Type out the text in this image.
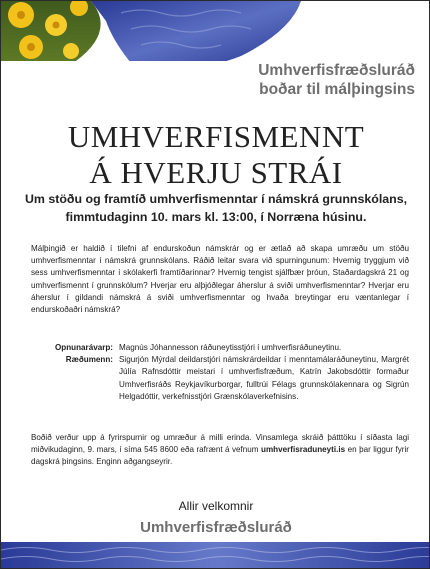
Umhverfisfræðsluráð
boðar til málþingsins
UMHVERFISMENNT
Á HVERJU STRÁI
Um stöðu og framtíð umhverfismenntar í námskrá grunnskólans,
fimmtudaginn 10. mars kl. 13:00, í Norræna húsinu.

Málþingið er haldið í tilefni af endurskoðun námskrár og er ætlað að skapa umræðu um stöðu umhverfismenntar í námskrá grunnskólans. Ráðið leitar svara við spurningunum: Hvernig tryggjum við sess umhverfismenntar í skólakerfi framtíðarinnar? Hvernig tengist sjálfbær þróun, Staðardagskrá 21 og umhverfismennt í grunnskólum? Hverjar eru alþjóðlegar áherslur á sviði umhverfismenntar? Hverjar eru áherslur í gildandi námskrá á sviði umhverfismenntar og hvaða breytingar eru væntanlegar í endurskoðaðri námskrá?

Opnunarávarp: Magnús Jóhannesson ráðuneytisstjóri í umhverfisráðuneytinu.
Ræðumenn: Sigurjón Mýrdal deildarstjóri námskrárdeildar í menntamálaráðuneytinu, Margrét Júlía Rafnsdóttir meistari í umhverfisfræðum, Katrín Jakobsdóttir formaður Umhverfisráðs Reykjavíkurborgar, fulltrúi Félags grunnskólakennara og Sigrún Helgadóttir, verkefnisstjóri Grænskólaverkefnisins.

Boðið verður upp á fyrirspurnir og umræður á milli erinda. Vinsamlega skráið þátttöku í síðasta lagi miðvikudaginn, 9. mars, í síma 545 8600 eða rafrænt á vefnum umhverfisraduneyti.is en þar liggur fyrir dagskrá þingsins. Enginn aðgangseyrir.

Allir velkomnir
Umhverfisfræðsluráð
